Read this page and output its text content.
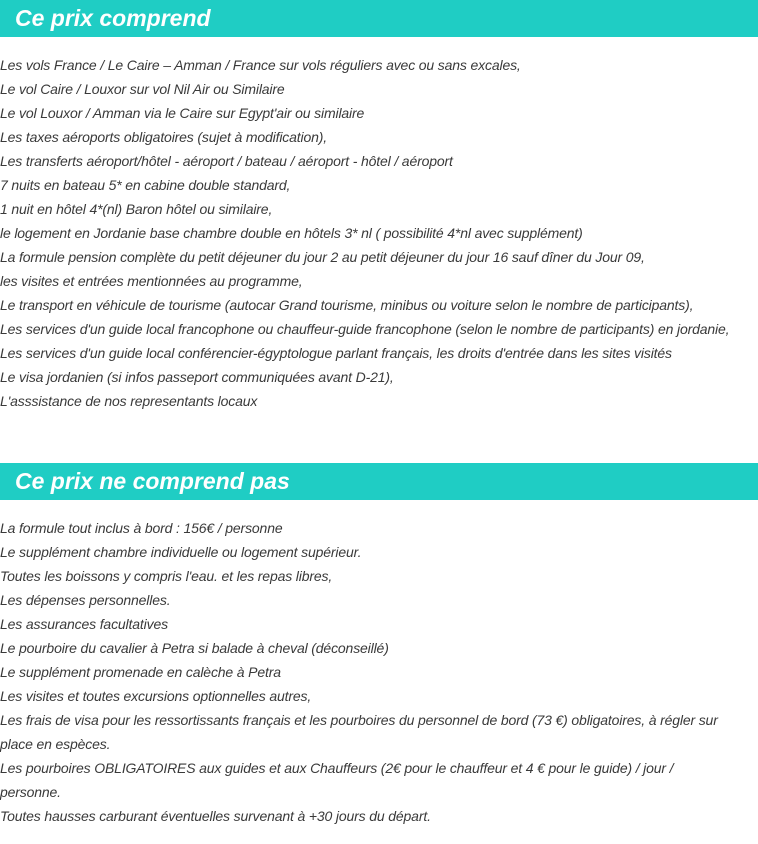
Ce prix comprend
Les vols France / Le Caire – Amman / France sur vols réguliers avec ou sans excales,
Le vol Caire / Louxor sur vol Nil Air ou Similaire
Le vol Louxor / Amman via le Caire sur Egypt'air ou similaire
Les taxes aéroports obligatoires (sujet à modification),
Les transferts aéroport/hôtel - aéroport / bateau / aéroport - hôtel / aéroport
7 nuits en bateau 5* en cabine double standard,
1 nuit en hôtel 4*(nl) Baron hôtel ou similaire,
le logement en Jordanie base chambre double en hôtels 3* nl ( possibilité 4*nl avec supplément)
La formule pension complète du petit déjeuner du jour 2 au petit déjeuner du jour 16 sauf dîner du Jour 09,
les visites et entrées mentionnées au programme,
Le transport en véhicule de tourisme (autocar Grand tourisme, minibus ou voiture selon le nombre de participants),
Les services d'un guide local francophone ou chauffeur-guide francophone (selon le nombre de participants) en jordanie,
Les services d'un guide local conférencier-égyptologue parlant français, les droits d'entrée dans les sites visités
Le visa jordanien (si infos passeport communiquées avant D-21),
L'asssistance de nos representants locaux
Ce prix ne comprend pas
La formule tout inclus à bord : 156€ / personne
Le supplément chambre individuelle ou logement supérieur.
Toutes les boissons y compris l'eau. et les repas libres,
Les dépenses personnelles.
Les assurances facultatives
Le pourboire du cavalier à Petra si balade à cheval (déconseillé)
Le supplément promenade en calèche à Petra
Les visites et toutes excursions optionnelles autres,
Les frais de visa pour les ressortissants français et les pourboires du personnel de bord (73 €) obligatoires, à régler sur place en espèces.
Les pourboires OBLIGATOIRES aux guides et aux Chauffeurs (2€ pour le chauffeur et 4 € pour le guide) / jour / personne.
Toutes hausses carburant éventuelles survenant à +30 jours du départ.
